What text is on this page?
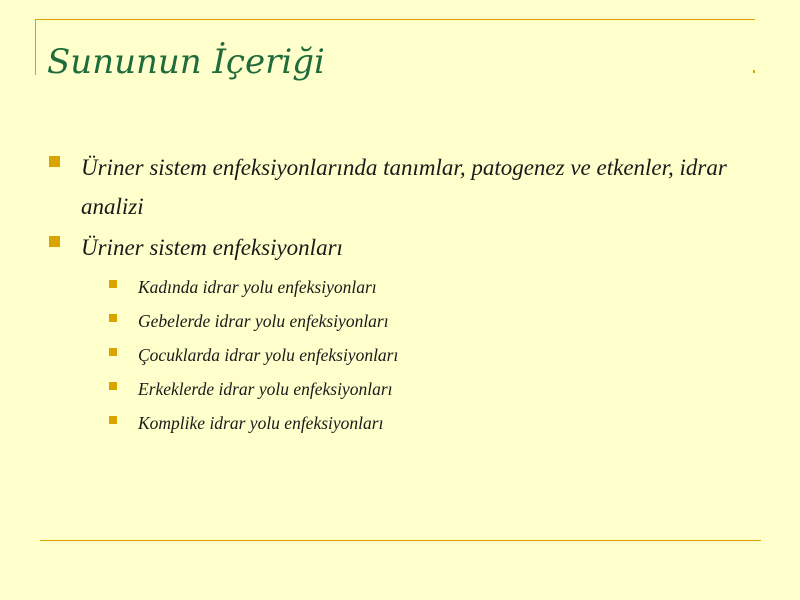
Sununun İçeriği
Üriner sistem enfeksiyonlarında tanımlar, patogenez ve etkenler, idrar analizi
Üriner sistem enfeksiyonları
Kadında idrar yolu enfeksiyonları
Gebelerde idrar yolu enfeksiyonları
Çocuklarda idrar yolu enfeksiyonları
Erkeklerde idrar yolu enfeksiyonları
Komplike idrar yolu enfeksiyonları
